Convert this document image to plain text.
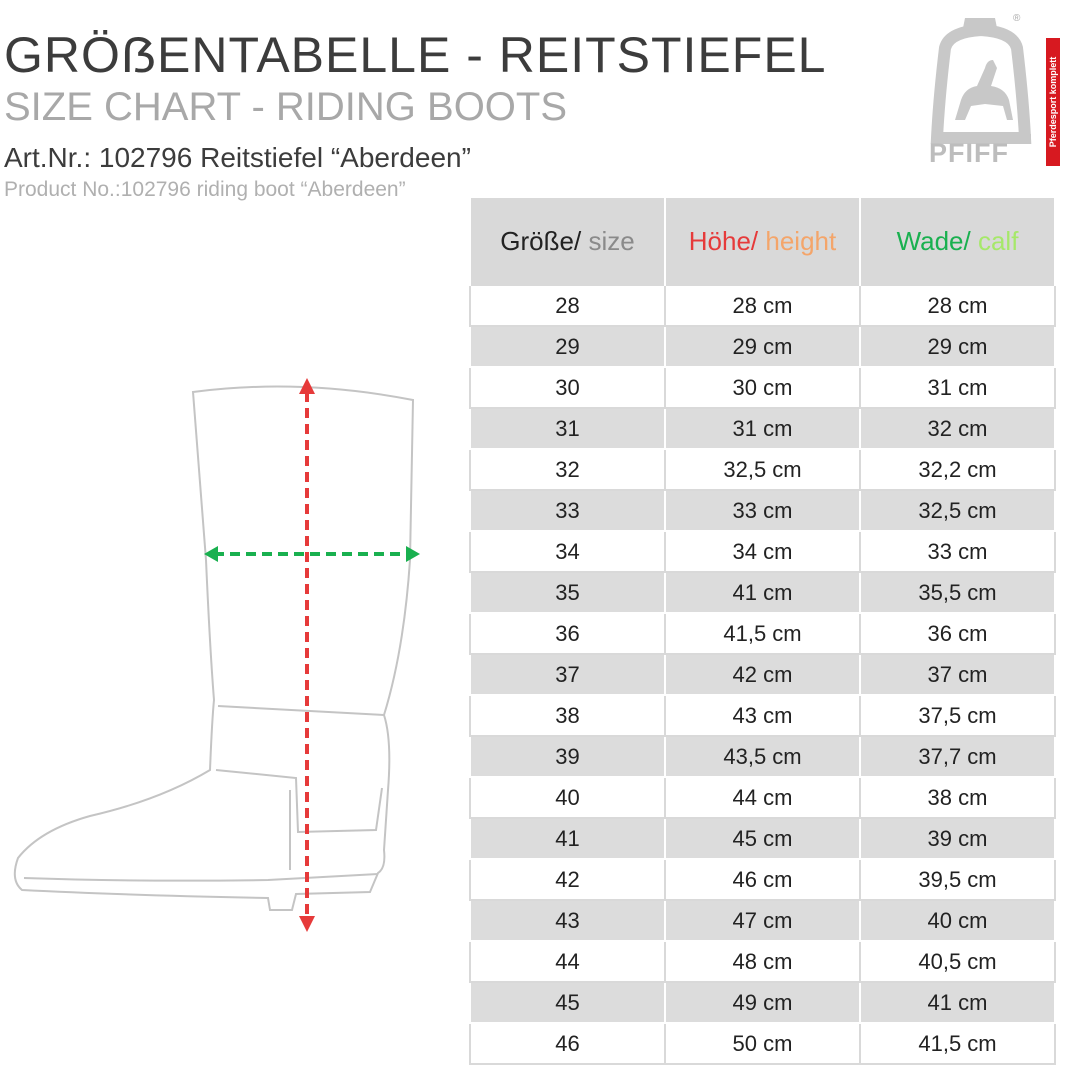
GRÖẞENTABELLE - REITSTIEFEL
SIZE CHART - RIDING BOOTS
Art.Nr.: 102796 Reitstiefel “Aberdeen”
Product No.:102796 riding boot “Aberdeen”
PFIFF
®
Pferdesport komplett
Größe/ size	Höhe/ height	Wade/ calf
28	28 cm	28 cm
29	29 cm	29 cm
30	30 cm	31 cm
31	31 cm	32 cm
32	32,5 cm	32,2 cm
33	33 cm	32,5 cm
34	34 cm	33 cm
35	41 cm	35,5 cm
36	41,5 cm	36 cm
37	42 cm	37 cm
38	43 cm	37,5 cm
39	43,5 cm	37,7 cm
40	44 cm	38 cm
41	45 cm	39 cm
42	46 cm	39,5 cm
43	47 cm	40 cm
44	48 cm	40,5 cm
45	49 cm	41 cm
46	50 cm	41,5 cm
